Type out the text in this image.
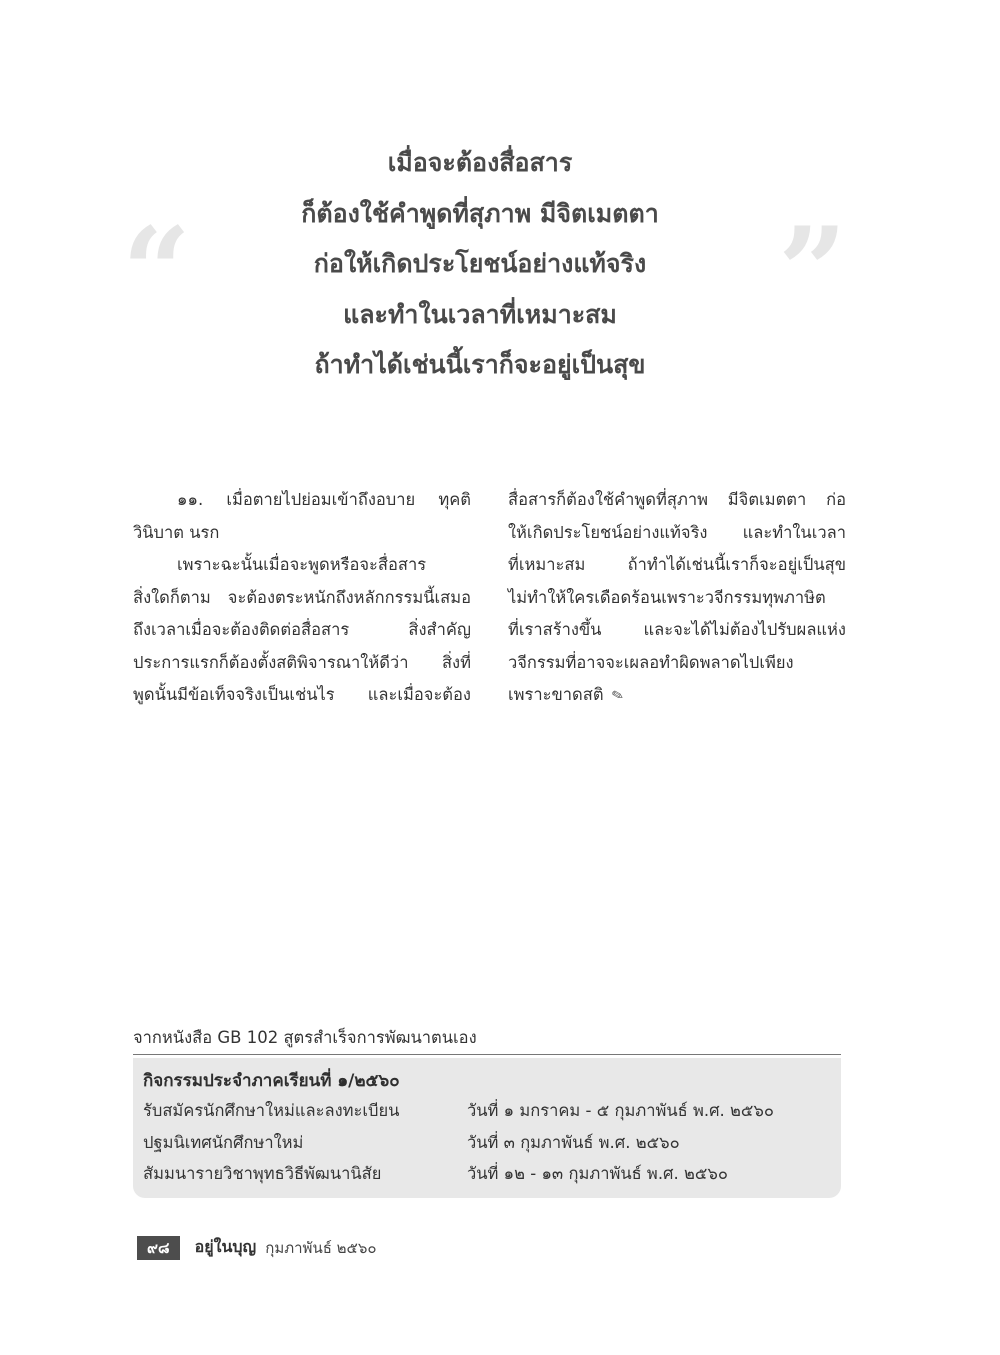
“	”
เมื่อจะต้องสื่อสาร
ก็ต้องใช้คำพูดที่สุภาพ มีจิตเมตตา
ก่อให้เกิดประโยชน์อย่างแท้จริง
และทำในเวลาที่เหมาะสม
ถ้าทำได้เช่นนี้เราก็จะอยู่เป็นสุข
๑๑. เมื่อตายไปย่อมเข้าถึงอบาย ทุคติ
วินิบาต นรก
เพราะฉะนั้นเมื่อจะพูดหรือจะสื่อสาร
สิ่งใดก็ตาม จะต้องตระหนักถึงหลักกรรมนี้เสมอ
ถึงเวลาเมื่อจะต้องติดต่อสื่อสาร สิ่งสำคัญ
ประการแรกก็ต้องตั้งสติพิจารณาให้ดีว่า สิ่งที่
พูดนั้นมีข้อเท็จจริงเป็นเช่นไร และเมื่อจะต้อง
สื่อสารก็ต้องใช้คำพูดที่สุภาพ มีจิตเมตตา ก่อ
ให้เกิดประโยชน์อย่างแท้จริง และทำในเวลา
ที่เหมาะสม ถ้าทำได้เช่นนี้เราก็จะอยู่เป็นสุข
ไม่ทำให้ใครเดือดร้อนเพราะวจีกรรมทุพภาษิต
ที่เราสร้างขึ้น และจะได้ไม่ต้องไปรับผลแห่ง
วจีกรรมที่อาจจะเผลอทำผิดพลาดไปเพียง
เพราะขาดสติ ✎
จากหนังสือ GB 102 สูตรสำเร็จการพัฒนาตนเอง
กิจกรรมประจำภาคเรียนที่ ๑/๒๕๖๐
รับสมัครนักศึกษาใหม่และลงทะเบียน	วันที่ ๑ มกราคม - ๕ กุมภาพันธ์ พ.ศ. ๒๕๖๐
ปฐมนิเทศนักศึกษาใหม่	วันที่ ๓ กุมภาพันธ์ พ.ศ. ๒๕๖๐
สัมมนารายวิชาพุทธวิธีพัฒนานิสัย	วันที่ ๑๒ - ๑๓ กุมภาพันธ์ พ.ศ. ๒๕๖๐
๙๘ อยู่ในบุญ กุมภาพันธ์ ๒๕๖๐
